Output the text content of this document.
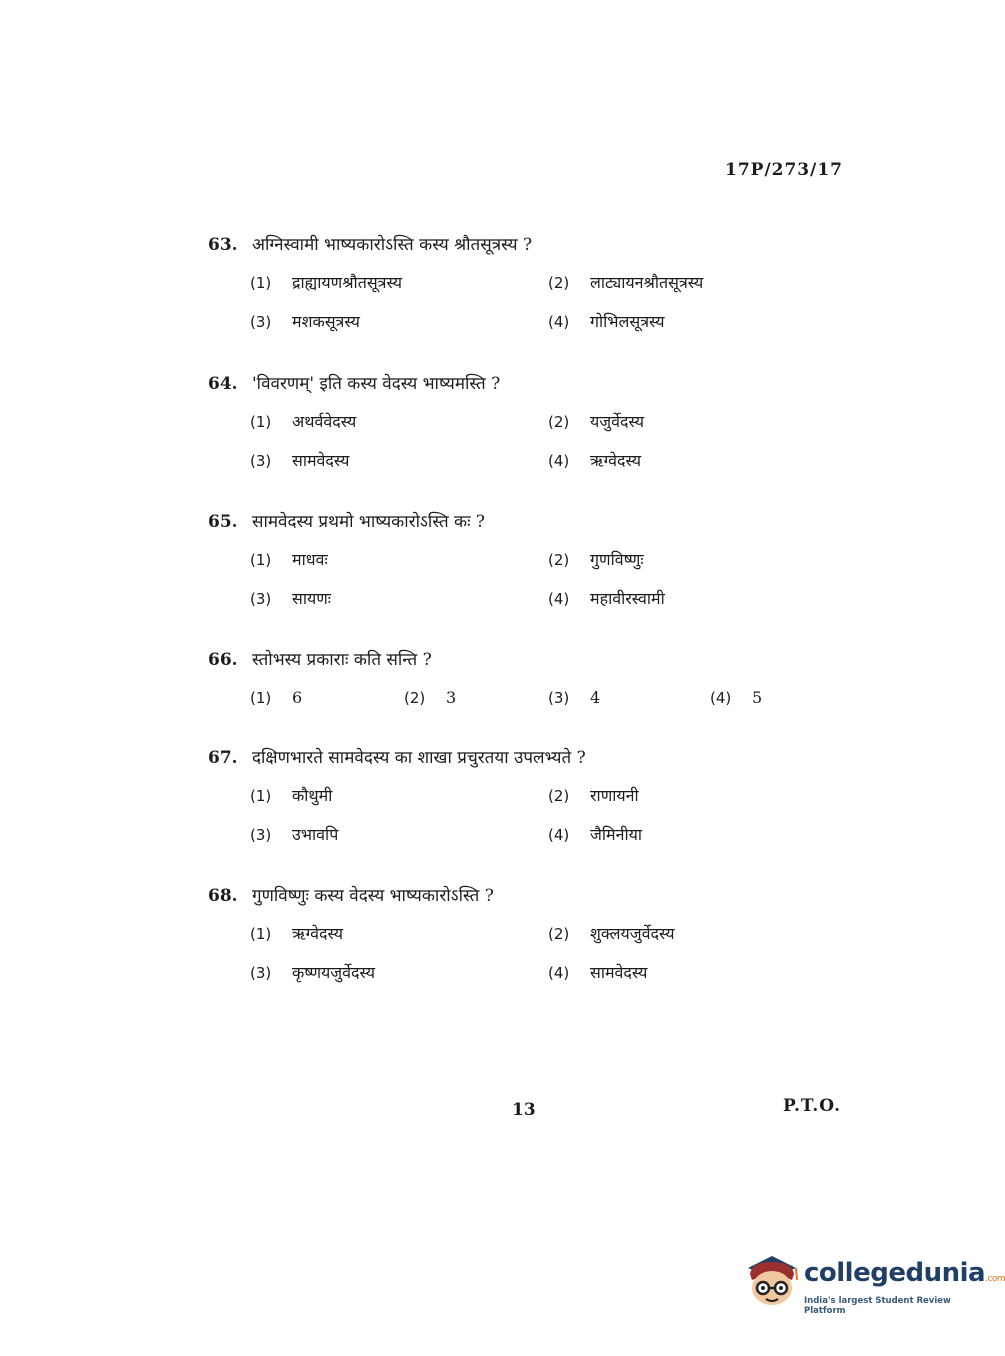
17P/273/17
63. अग्निस्वामी भाष्यकारोऽस्ति कस्य श्रौतसूत्रस्य ?
(1) द्राह्यायणश्रौतसूत्रस्य	(2) लाट्यायनश्रौतसूत्रस्य
(3) मशकसूत्रस्य	(4) गोभिलसूत्रस्य
64. 'विवरणम्' इति कस्य वेदस्य भाष्यमस्ति ?
(1) अथर्ववेदस्य	(2) यजुर्वेदस्य
(3) सामवेदस्य	(4) ऋग्वेदस्य
65. सामवेदस्य प्रथमो भाष्यकारोऽस्ति कः ?
(1) माधवः	(2) गुणविष्णुः
(3) सायणः	(4) महावीरस्वामी
66. स्तोभस्य प्रकाराः कति सन्ति ?
(1) 6	(2) 3	(3) 4	(4) 5
67. दक्षिणभारते सामवेदस्य का शाखा प्रचुरतया उपलभ्यते ?
(1) कौथुमी	(2) राणायनी
(3) उभावपि	(4) जैमिनीया
68. गुणविष्णुः कस्य वेदस्य भाष्यकारोऽस्ति ?
(1) ऋग्वेदस्य	(2) शुक्लयजुर्वेदस्य
(3) कृष्णयजुर्वेदस्य	(4) सामवेदस्य
13	P.T.O.
collegedunia.com
India's largest Student Review Platform
